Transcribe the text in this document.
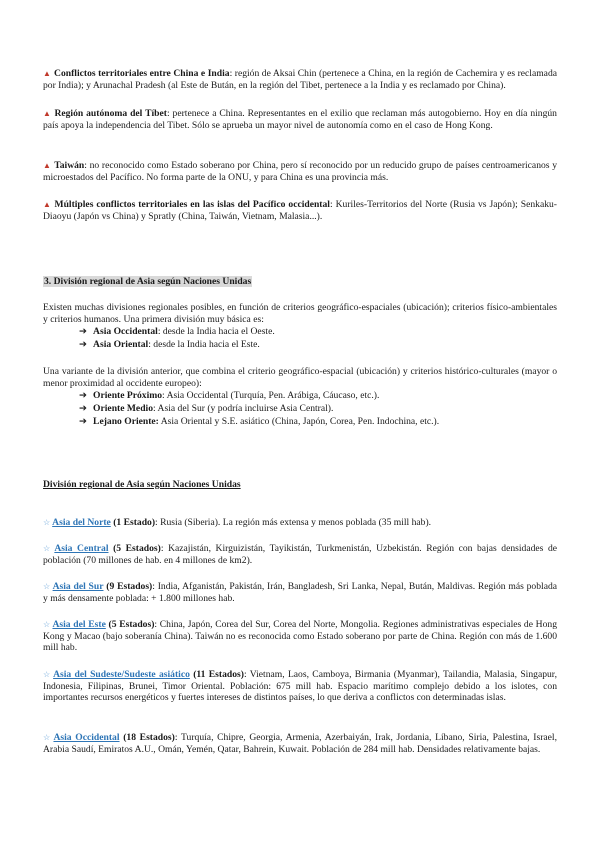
▲ Conflictos territoriales entre China e India: región de Aksai Chin (pertenece a China, en la región de Cachemira y es reclamada por India); y Arunachal Pradesh (al Este de Bután, en la región del Tibet, pertenece a la India y es reclamado por China).
▲ Región autónoma del Tíbet: pertenece a China. Representantes en el exilio que reclaman más autogobierno. Hoy en día ningún país apoya la independencia del Tibet. Sólo se aprueba un mayor nivel de autonomía como en el caso de Hong Kong.
▲ Taiwán: no reconocido como Estado soberano por China, pero sí reconocido por un reducido grupo de países centroamericanos y microestados del Pacífico. No forma parte de la ONU, y para China es una provincia más.
▲ Múltiples conflictos territoriales en las islas del Pacífico occidental: Kuriles-Territorios del Norte (Rusia vs Japón); Senkaku-Diaoyu (Japón vs China) y Spratly (China, Taiwán, Vietnam, Malasia...).
3. División regional de Asia según Naciones Unidas
Existen muchas divisiones regionales posibles, en función de criterios geográfico-espaciales (ubicación); criterios físico-ambientales y criterios humanos. Una primera división muy básica es:
➔ Asia Occidental: desde la India hacia el Oeste.
➔ Asia Oriental: desde la India hacia el Este.
Una variante de la división anterior, que combina el criterio geográfico-espacial (ubicación) y criterios histórico-culturales (mayor o menor proximidad al occidente europeo):
➔ Oriente Próximo: Asia Occidental (Turquía, Pen. Arábiga, Cáucaso, etc.).
➔ Oriente Medio: Asia del Sur (y podría incluirse Asia Central).
➔ Lejano Oriente: Asia Oriental y S.E. asiático (China, Japón, Corea, Pen. Indochina, etc.).
División regional de Asia según Naciones Unidas
☆ Asia del Norte (1 Estado): Rusia (Siberia). La región más extensa y menos poblada (35 mill hab).
☆ Asia Central (5 Estados): Kazajistán, Kirguizistán, Tayikistán, Turkmenistán, Uzbekistán. Región con bajas densidades de población (70 millones de hab. en 4 millones de km2).
☆ Asia del Sur (9 Estados): India, Afganistán, Pakistán, Irán, Bangladesh, Sri Lanka, Nepal, Bután, Maldivas. Región más poblada y más densamente poblada: + 1.800 millones hab.
☆ Asia del Este (5 Estados): China, Japón, Corea del Sur, Corea del Norte, Mongolia. Regiones administrativas especiales de Hong Kong y Macao (bajo soberanía China). Taiwán no es reconocida como Estado soberano por parte de China. Región con más de 1.600 mill hab.
☆ Asia del Sudeste/Sudeste asiático (11 Estados): Vietnam, Laos, Camboya, Birmania (Myanmar), Tailandia, Malasia, Singapur, Indonesia, Filipinas, Brunei, Timor Oriental. Población: 675 mill hab. Espacio marítimo complejo debido a los islotes, con importantes recursos energéticos y fuertes intereses de distintos países, lo que deriva a conflictos con determinadas islas.
☆ Asia Occidental (18 Estados): Turquía, Chipre, Georgia, Armenia, Azerbaiyán, Irak, Jordania, Líbano, Siria, Palestina, Israel, Arabia Saudí, Emiratos A.U., Omán, Yemén, Qatar, Bahrein, Kuwait. Población de 284 mill hab. Densidades relativamente bajas.
